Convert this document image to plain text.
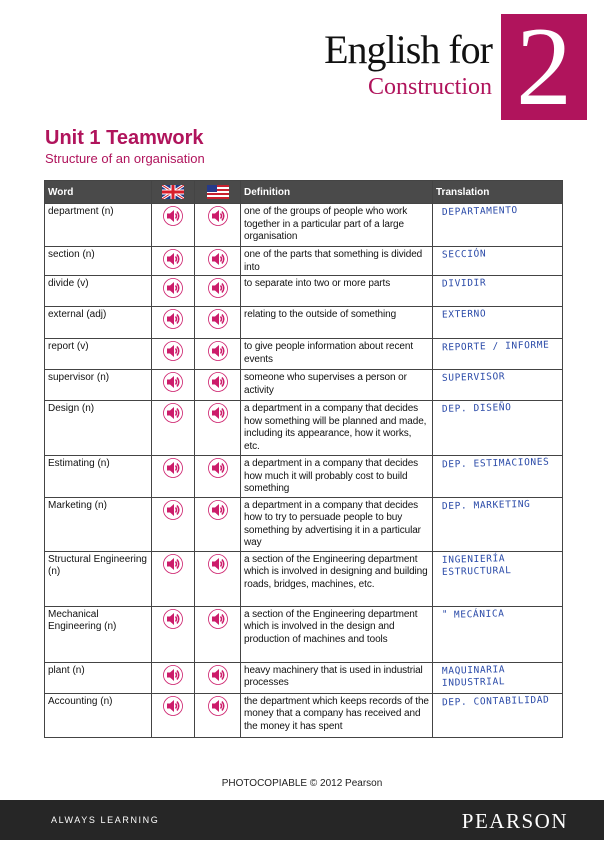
English for
Construction 2
Unit 1 Teamwork
Structure of an organisation
Word			Definition	Translation
department (n)			one of the groups of people who work together in a particular part of a large organisation	DEPARTAMENTO
section (n)			one of the parts that something is divided into	SECCIÓN
divide (v)			to separate into two or more parts	DIVIDIR
external (adj)			relating to the outside of something	EXTERNO
report (v)			to give people information about recent events	REPORTE / INFORME
supervisor (n)			someone who supervises a person or activity	SUPERVISOR
Design (n)			a department in a company that decides how something will be planned and made, including its appearance, how it works, etc.	DEP. DISEÑO
Estimating (n)			a department in a company that decides how much it will probably cost to build something	DEP. ESTIMACIONES
Marketing (n)			a department in a company that decides how to try to persuade people to buy something by advertising it in a particular way	DEP. MARKETING
Structural Engineering (n)			a section of the Engineering department which is involved in designing and building roads, bridges, machines, etc.	INGENIERÍAESTRUCTURAL
Mechanical Engineering (n)			a section of the Engineering department which is involved in the design and production of machines and tools	" MECÁNICA
plant (n)			heavy machinery that is used in industrial processes	MAQUINARIAINDUSTRIAL
Accounting (n)			the department which keeps records of the money that a company has received and the money it has spent	DEP. CONTABILIDAD
PHOTOCOPIABLE © 2012 Pearson
ALWAYS LEARNING	PEARSON
